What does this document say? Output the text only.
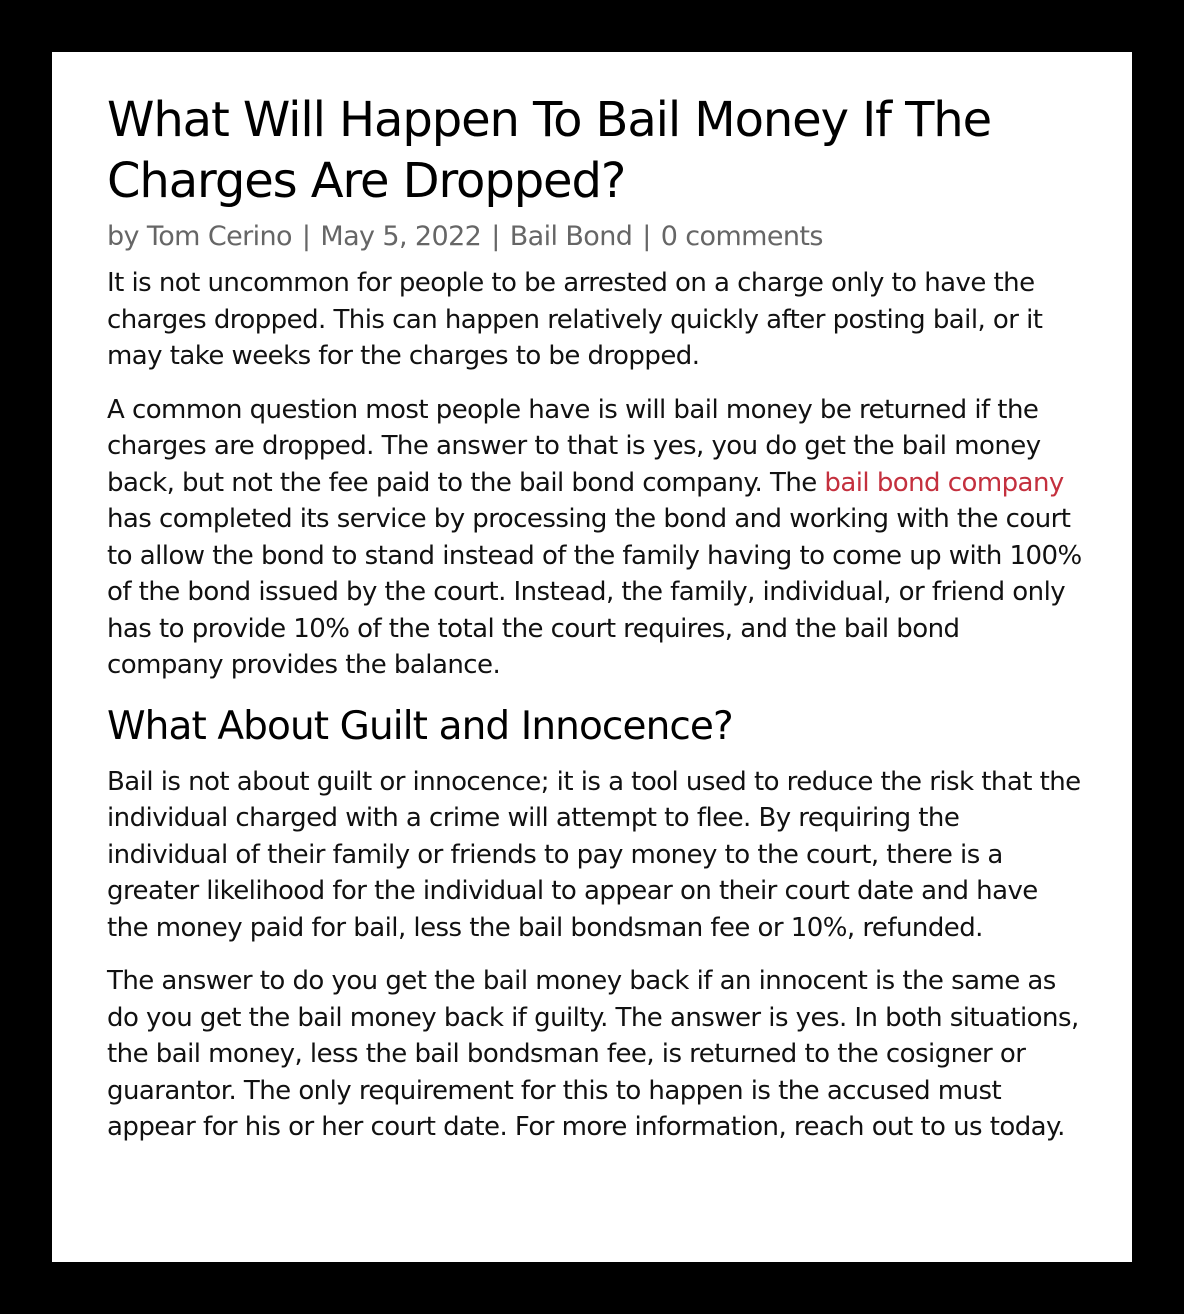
What Will Happen To Bail Money If The Charges Are Dropped?
by Tom Cerino | May 5, 2022 | Bail Bond | 0 comments

It is not uncommon for people to be arrested on a charge only to have the charges dropped. This can happen relatively quickly after posting bail, or it may take weeks for the charges to be dropped.

A common question most people have is will bail money be returned if the charges are dropped. The answer to that is yes, you do get the bail money back, but not the fee paid to the bail bond company. The bail bond company has completed its service by processing the bond and working with the court to allow the bond to stand instead of the family having to come up with 100% of the bond issued by the court. Instead, the family, individual, or friend only has to provide 10% of the total the court requires, and the bail bond company provides the balance.

What About Guilt and Innocence?

Bail is not about guilt or innocence; it is a tool used to reduce the risk that the individual charged with a crime will attempt to flee. By requiring the individual of their family or friends to pay money to the court, there is a greater likelihood for the individual to appear on their court date and have the money paid for bail, less the bail bondsman fee or 10%, refunded.

The answer to do you get the bail money back if an innocent is the same as do you get the bail money back if guilty. The answer is yes. In both situations, the bail money, less the bail bondsman fee, is returned to the cosigner or guarantor. The only requirement for this to happen is the accused must appear for his or her court date. For more information, reach out to us today.
